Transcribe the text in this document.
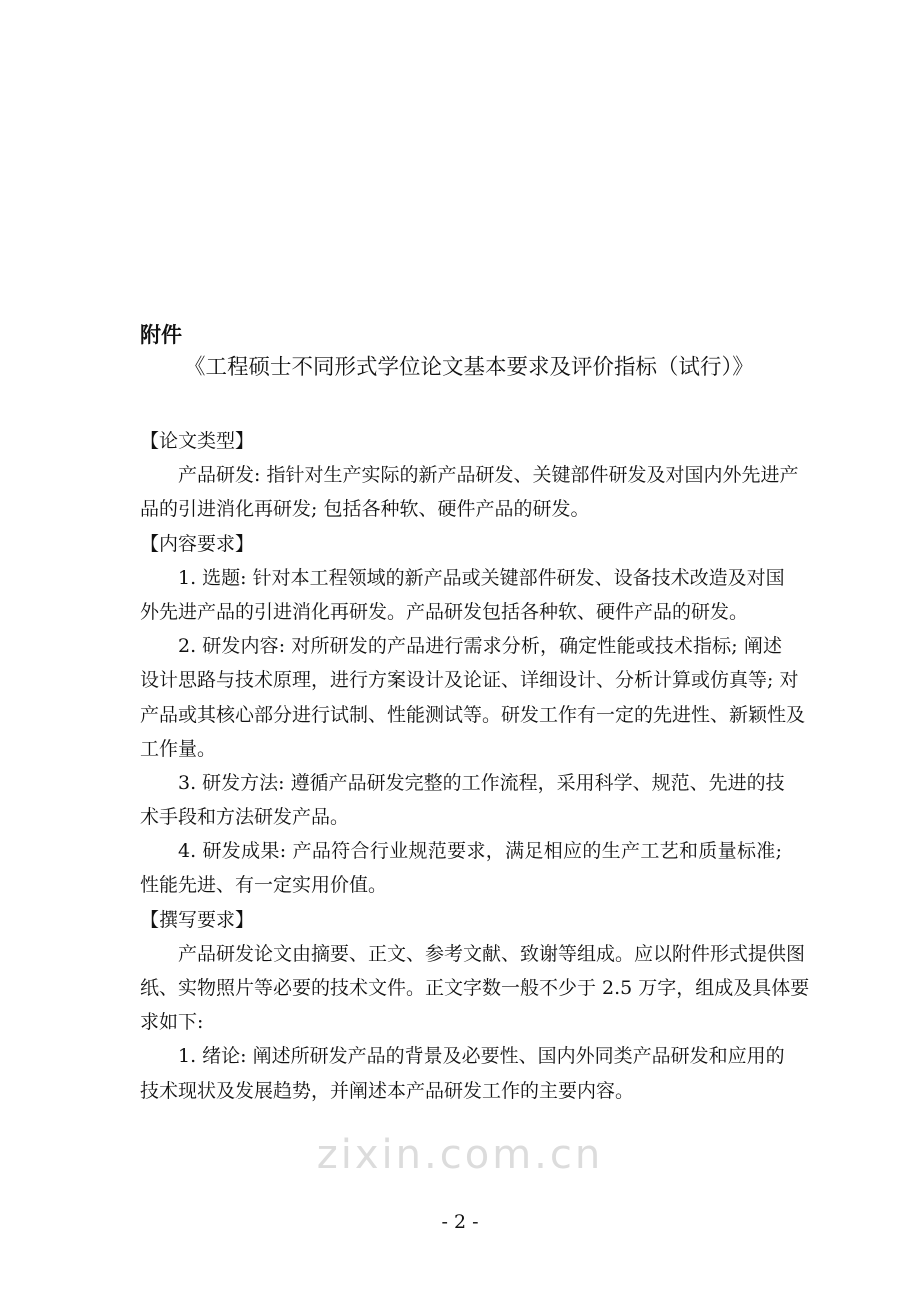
附件
《工程硕士不同形式学位论文基本要求及评价指标（试行）》
【论文类型】
产品研发: 指针对生产实际的新产品研发、关键部件研发及对国内外先进产
品的引进消化再研发; 包括各种软、硬件产品的研发。
【内容要求】
1. 选题: 针对本工程领域的新产品或关键部件研发、设备技术改造及对国
外先进产品的引进消化再研发。产品研发包括各种软、硬件产品的研发。
2. 研发内容: 对所研发的产品进行需求分析，确定性能或技术指标; 阐述
设计思路与技术原理，进行方案设计及论证、详细设计、分析计算或仿真等; 对
产品或其核心部分进行试制、性能测试等。研发工作有一定的先进性、新颖性及
工作量。
3. 研发方法: 遵循产品研发完整的工作流程，采用科学、规范、先进的技
术手段和方法研发产品。
4. 研发成果: 产品符合行业规范要求，满足相应的生产工艺和质量标准;
性能先进、有一定实用价值。
【撰写要求】
产品研发论文由摘要、正文、参考文献、致谢等组成。应以附件形式提供图
纸、实物照片等必要的技术文件。正文字数一般不少于 2.5 万字，组成及具体要
求如下:
1. 绪论: 阐述所研发产品的背景及必要性、国内外同类产品研发和应用的
技术现状及发展趋势，并阐述本产品研发工作的主要内容。
zixin.com.cn
- 2 -
